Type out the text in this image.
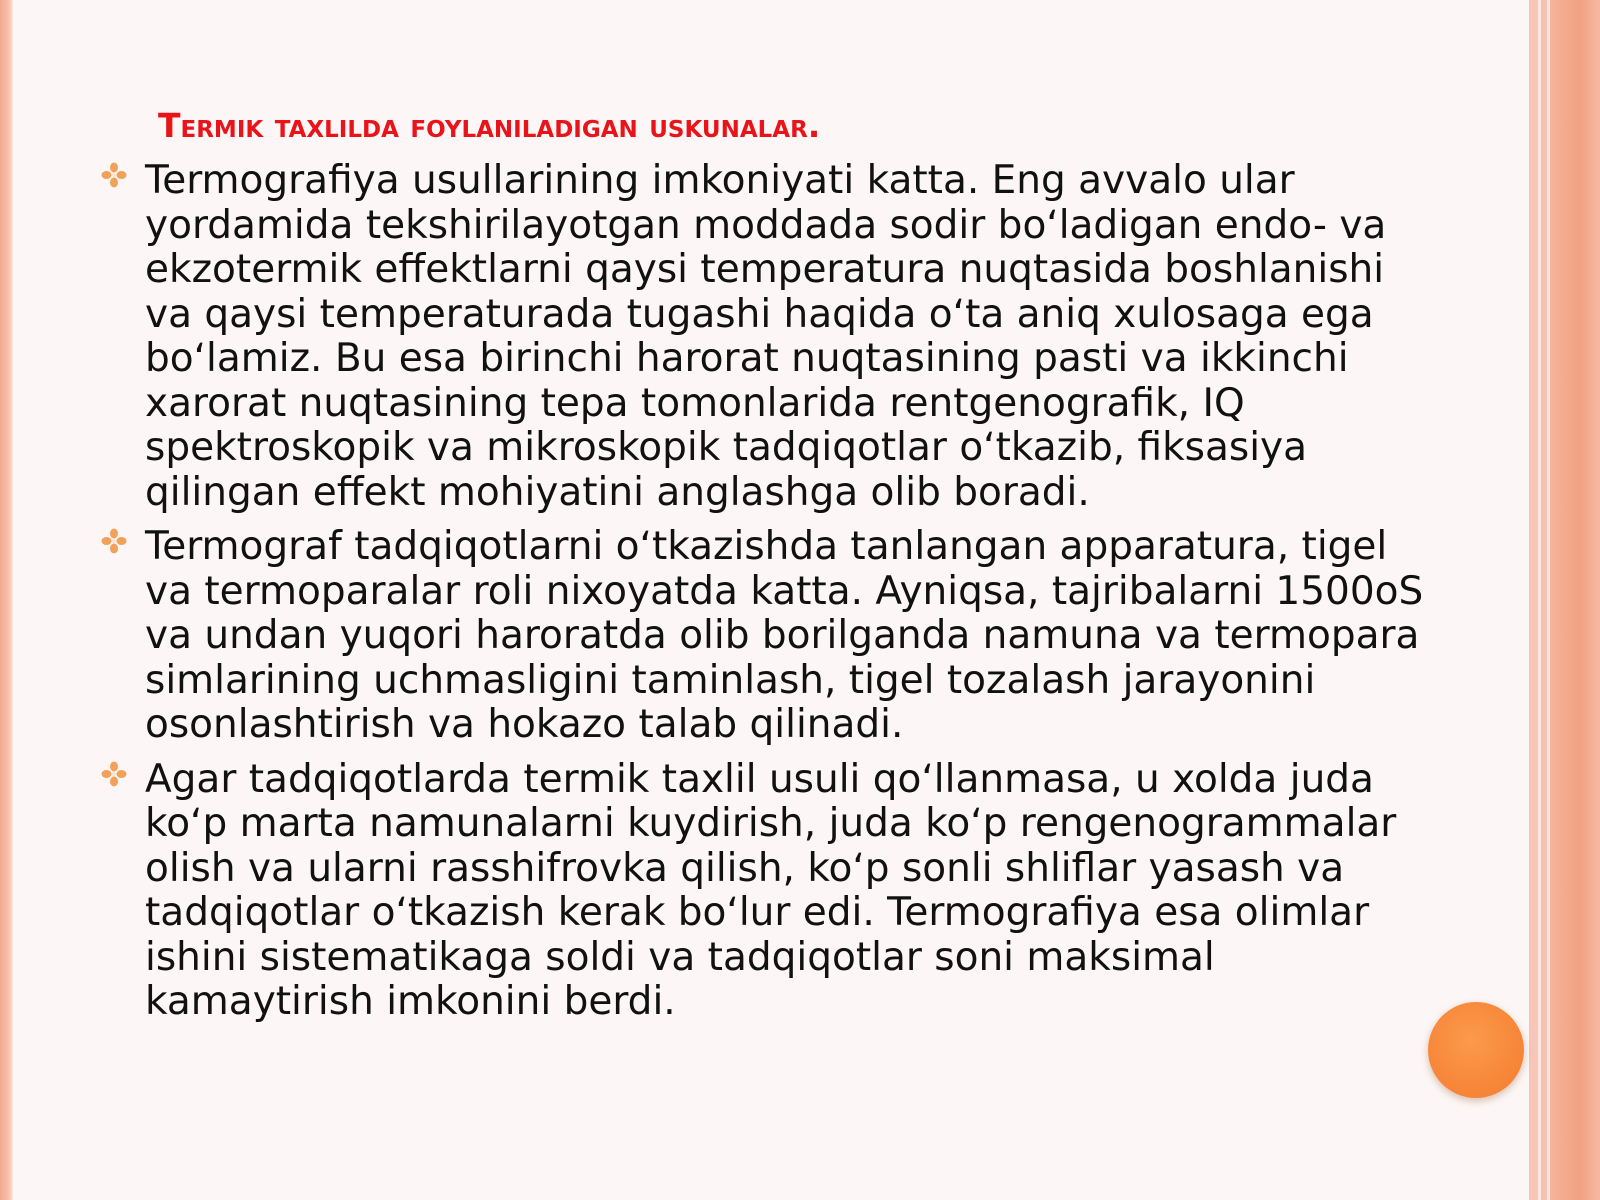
Termik taxlilda foylaniladigan uskunalar.
Termografiya usullarining imkoniyati katta. Eng avvalo ular yordamida tekshirilayotgan moddada sodir bo‘ladigan endo- va ekzotermik effektlarni qaysi temperatura nuqtasida boshlanishi va qaysi temperaturada tugashi haqida o‘ta aniq xulosaga ega bo‘lamiz. Bu esa birinchi harorat nuqtasining pasti va ikkinchi xarorat nuqtasining tepa tomonlarida rentgenografik, IQ spektroskopik va mikroskopik tadqiqotlar o‘tkazib, fiksasiya qilingan effekt mohiyatini anglashga olib boradi.
Termograf tadqiqotlarni o‘tkazishda tanlangan apparatura, tigel va termoparalar roli nixoyatda katta. Ayniqsa, tajribalarni 1500oS va undan yuqori haroratda olib borilganda namuna va termopara simlarining uchmasligini taminlash, tigel tozalash jarayonini osonlashtirish va hokazo talab qilinadi.
Agar tadqiqotlarda termik taxlil usuli qo‘llanmasa, u xolda juda ko‘p marta namunalarni kuydirish, juda ko‘p rengenogrammalar olish va ularni rasshifrovka qilish, ko‘p sonli shliflar yasash va tadqiqotlar o‘tkazish kerak bo‘lur edi. Termografiya esa olimlar ishini sistematikaga soldi va tadqiqotlar soni maksimal kamaytirish imkonini berdi.
